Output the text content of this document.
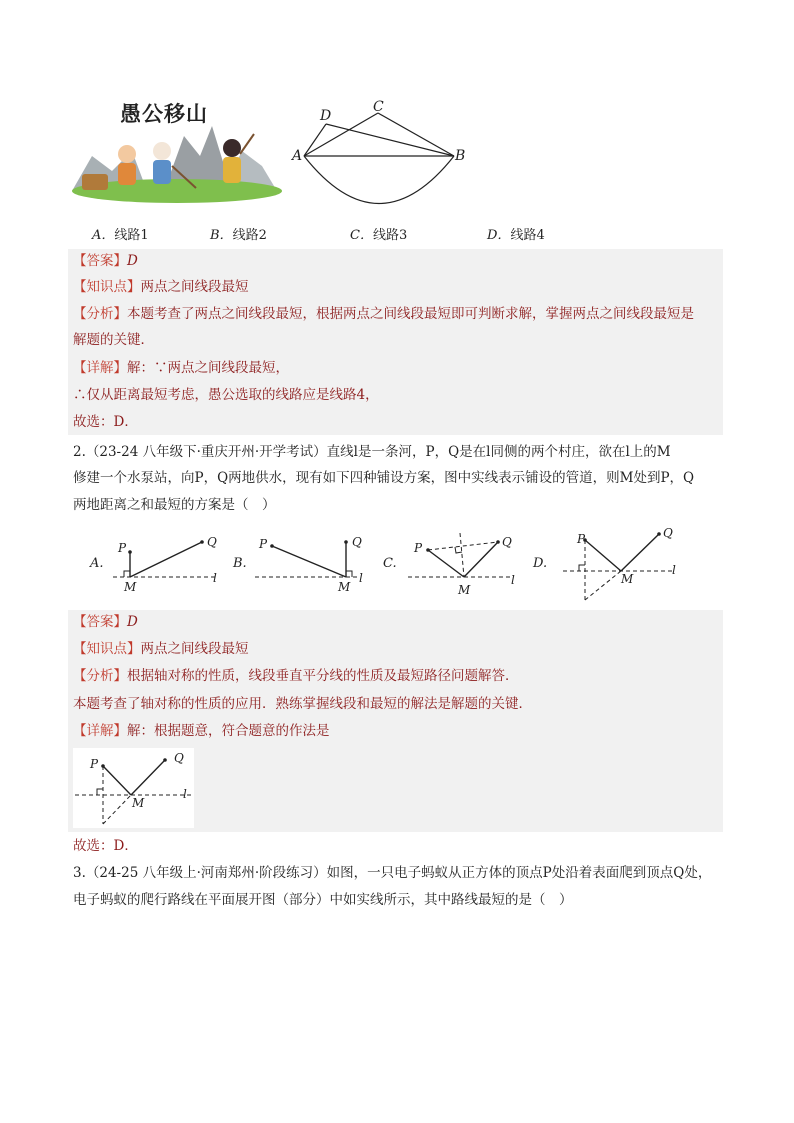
愚公移山	D
C
A	B
A．线路1	B．线路2	C．线路3	D．线路4
【答案】D
【知识点】两点之间线段最短
【分析】本题考查了两点之间线段最短，根据两点之间线段最短即可判断求解，掌握两点之间线段最短是
解题的关键．
【详解】解：∵两点之间线段最短，
∴仅从距离最短考虑，愚公选取的线路应是线路4，
故选：D．
2.（23-24 八年级下·重庆开州·开学考试）直线l是一条河，P，Q是在l同侧的两个村庄，欲在l上的M
修建一个水泵站，向P，Q两地供水，现有如下四种铺设方案，图中实线表示铺设的管道，则M处到P，Q
两地距离之和最短的方案是（　）
A.
P	Q
M
l
B.
P	Q
M
l
C.
P	Q
M
l
D.
P	Q
M
l
【答案】D
【知识点】两点之间线段最短
【分析】根据轴对称的性质，线段垂直平分线的性质及最短路径问题解答．
本题考查了轴对称的性质的应用．熟练掌握线段和最短的解法是解题的关键．
【详解】解：根据题意，符合题意的作法是
P	Q
M
l
故选：D．
3.（24-25 八年级上·河南郑州·阶段练习）如图，一只电子蚂蚁从正方体的顶点P处沿着表面爬到顶点Q处，
电子蚂蚁的爬行路线在平面展开图（部分）中如实线所示，其中路线最短的是（　）
